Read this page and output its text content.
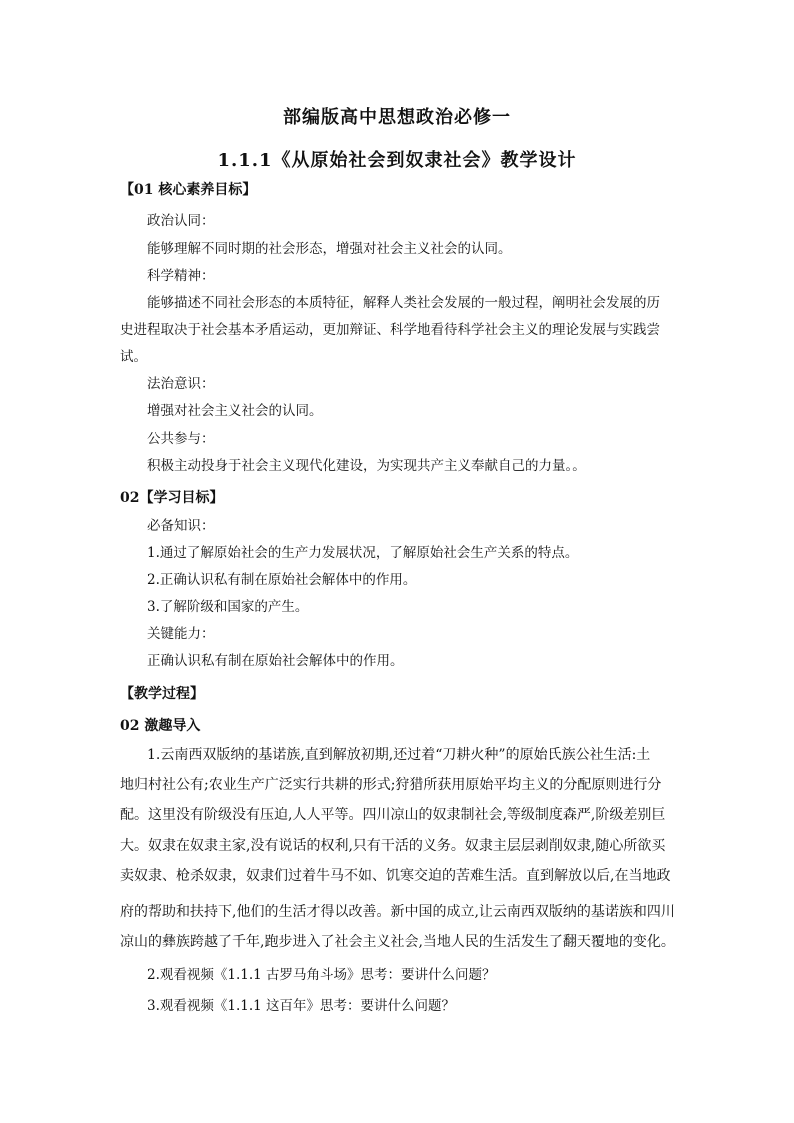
部编版高中思想政治必修一
1.1.1《从原始社会到奴隶社会》教学设计
【01 核心素养目标】
政治认同：
能够理解不同时期的社会形态，增强对社会主义社会的认同。
科学精神：
能够描述不同社会形态的本质特征，解释人类社会发展的一般过程，阐明社会发展的历
史进程取决于社会基本矛盾运动，更加辩证、科学地看待科学社会主义的理论发展与实践尝
试。
法治意识：
增强对社会主义社会的认同。
公共参与：
积极主动投身于社会主义现代化建设，为实现共产主义奉献自己的力量。。
02【学习目标】
必备知识：
1.通过了解原始社会的生产力发展状况，了解原始社会生产关系的特点。
2.正确认识私有制在原始社会解体中的作用。
3.了解阶级和国家的产生。
关键能力：
正确认识私有制在原始社会解体中的作用。
【教学过程】
02 激趣导入
1.云南西双版纳的基诺族,直到解放初期,还过着“刀耕火种”的原始氏族公社生活:土
地归村社公有;农业生产广泛实行共耕的形式;狩猎所获用原始平均主义的分配原则进行分
配。这里没有阶级没有压迫,人人平等。四川凉山的奴隶制社会,等级制度森严,阶级差别巨
大。奴隶在奴隶主家,没有说话的权利,只有干活的义务。奴隶主层层剥削奴隶,随心所欲买
卖奴隶、枪杀奴隶，奴隶们过着牛马不如、饥寒交迫的苦难生活。直到解放以后,在当地政
府的帮助和扶持下,他们的生活才得以改善。新中国的成立,让云南西双版纳的基诺族和四川
凉山的彝族跨越了千年,跑步进入了社会主义社会,当地人民的生活发生了翻天覆地的变化。
2.观看视频《1.1.1 古罗马角斗场》思考：要讲什么问题？
3.观看视频《1.1.1 这百年》思考：要讲什么问题？
